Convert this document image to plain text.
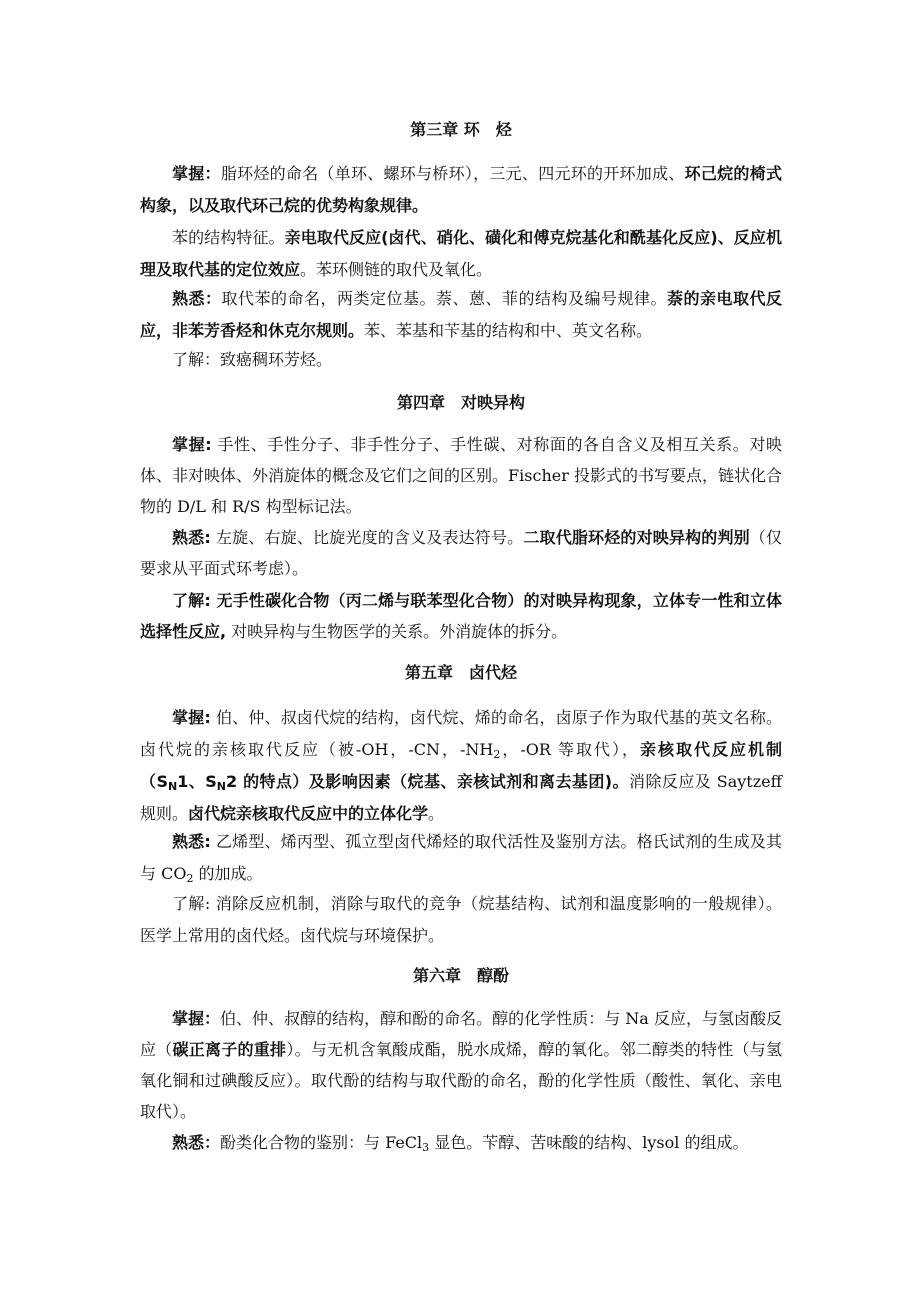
第三章 环　烃

掌握：脂环烃的命名（单环、螺环与桥环），三元、四元环的开环加成、环己烷的椅式构象，以及取代环己烷的优势构象规律。

苯的结构特征。亲电取代反应(卤代、硝化、磺化和傅克烷基化和酰基化反应)、反应机理及取代基的定位效应。苯环侧链的取代及氧化。

熟悉：取代苯的命名，两类定位基。萘、蒽、菲的结构及编号规律。萘的亲电取代反应，非苯芳香烃和休克尔规则。苯、苯基和苄基的结构和中、英文名称。

了解：致癌稠环芳烃。

第四章　对映异构

掌握: 手性、手性分子、非手性分子、手性碳、对称面的各自含义及相互关系。对映体、非对映体、外消旋体的概念及它们之间的区别。Fischer 投影式的书写要点，链状化合物的 D/L 和 R/S 构型标记法。

熟悉: 左旋、右旋、比旋光度的含义及表达符号。二取代脂环烃的对映异构的判别（仅要求从平面式环考虑）。

了解: 无手性碳化合物（丙二烯与联苯型化合物）的对映异构现象，立体专一性和立体选择性反应, 对映异构与生物医学的关系。外消旋体的拆分。

第五章　卤代烃

掌握: 伯、仲、叔卤代烷的结构，卤代烷、烯的命名，卤原子作为取代基的英文名称。卤代烷的亲核取代反应（被-OH，-CN，$-NH_2$，-OR 等取代），亲核取代反应机制（$S_N1$、$S_N2$ 的特点）及影响因素（烷基、亲核试剂和离去基团)。消除反应及 Saytzeff 规则。卤代烷亲核取代反应中的立体化学。

熟悉: 乙烯型、烯丙型、孤立型卤代烯烃的取代活性及鉴别方法。格氏试剂的生成及其与 $CO_2$ 的加成。

了解: 消除反应机制，消除与取代的竞争（烷基结构、试剂和温度影响的一般规律）。医学上常用的卤代烃。卤代烷与环境保护。

第六章　醇酚

掌握：伯、仲、叔醇的结构，醇和酚的命名。醇的化学性质：与 Na 反应，与氢卤酸反应（碳正离子的重排）。与无机含氧酸成酯，脱水成烯，醇的氧化。邻二醇类的特性（与氢氧化铜和过碘酸反应）。取代酚的结构与取代酚的命名，酚的化学性质（酸性、氧化、亲电取代）。

熟悉：酚类化合物的鉴别：与 FeCl$_3$ 显色。苄醇、苦味酸的结构、lysol 的组成。
